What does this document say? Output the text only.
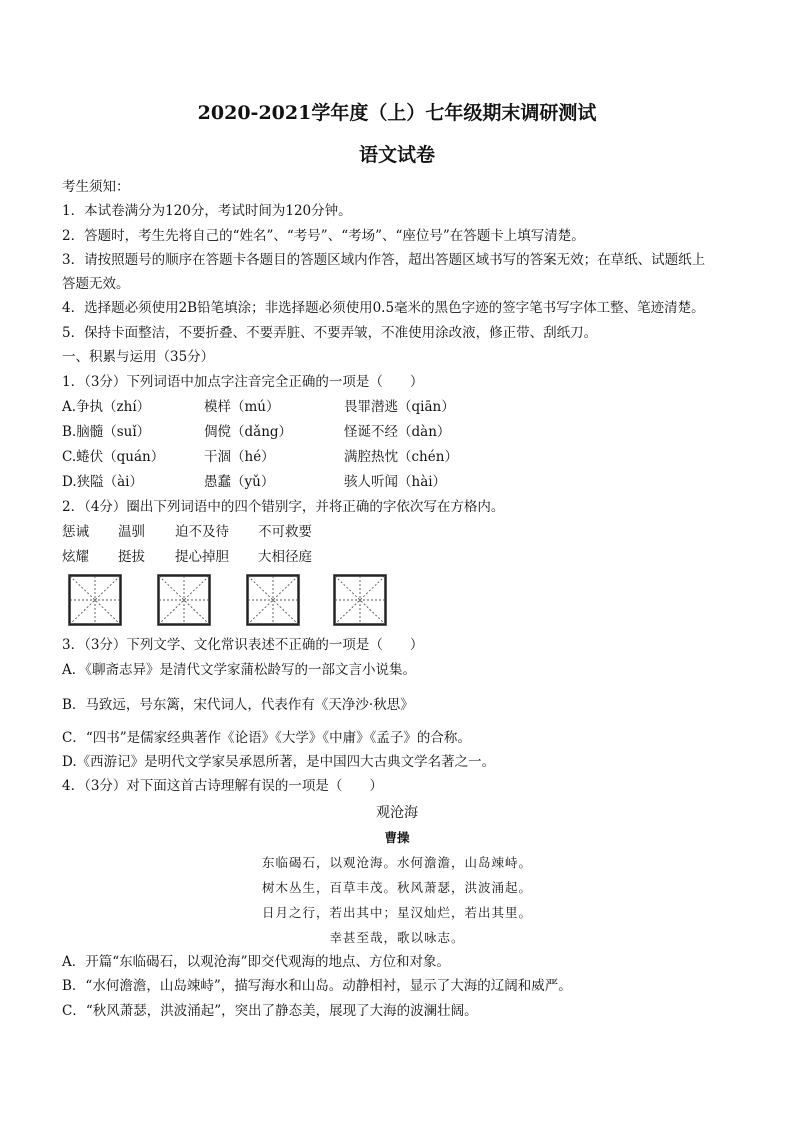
2020-2021学年度（上）七年级期末调研测试
语文试卷
考生须知：
1．本试卷满分为120分，考试时间为120分钟。
2．答题时，考生先将自己的“姓名”、“考号”、“考场”、“座位号”在答题卡上填写清楚。
3．请按照题号的顺序在答题卡各题目的答题区域内作答，超出答题区域书写的答案无效；在草纸、试题纸上
答题无效。
4．选择题必须使用2B铅笔填涂；非选择题必须使用0.5毫米的黑色字迹的签字笔书写字体工整、笔迹清楚。
5．保持卡面整洁，不要折叠、不要弄脏、不要弄皱，不准使用涂改液，修正带、刮纸刀。
一、积累与运用（35分）
1．（3分）下列词语中加点字注音完全正确的一项是（　　）
A.争执（zhí）	模样（mú）	畏罪潜逃（qiān）
B.脑髓（suǐ）	倜傥（dǎng）	怪诞不经（dàn）
C.蜷伏（quán）	干涸（hé）	满腔热忱（chén）
D.狭隘（ài）	愚蠢（yǔ）	骇人听闻（hài）
2．（4分）圈出下列词语中的四个错别字，并将正确的字依次写在方格内。
惩诫 温驯 迫不及待 不可救要
炫耀 挺拔 提心掉胆 大相径庭
3．（3分）下列文学、文化常识表述不正确的一项是（　　）
A．《聊斋志异》是清代文学家蒲松龄写的一部文言小说集。
B．马致远，号东篱，宋代词人，代表作有《天净沙·秋思》
C．“四书”是儒家经典著作《论语》《大学》《中庸》《孟子》的合称。
D.《西游记》是明代文学家吴承恩所著，是中国四大古典文学名著之一。
4．（3分）对下面这首古诗理解有误的一项是（　　）
观沧海
曹操
东临碣石，以观沧海。水何澹澹，山岛竦峙。
树木丛生，百草丰茂。秋风萧瑟，洪波涌起。
日月之行，若出其中；星汉灿烂，若出其里。
幸甚至哉，歌以咏志。
A．开篇“东临碣石，以观沧海”即交代观海的地点、方位和对象。
B．“水何澹澹，山岛竦峙”，描写海水和山岛。动静相衬，显示了大海的辽阔和威严。
C．“秋风萧瑟，洪波涌起”，突出了静态美，展现了大海的波澜壮阔。
